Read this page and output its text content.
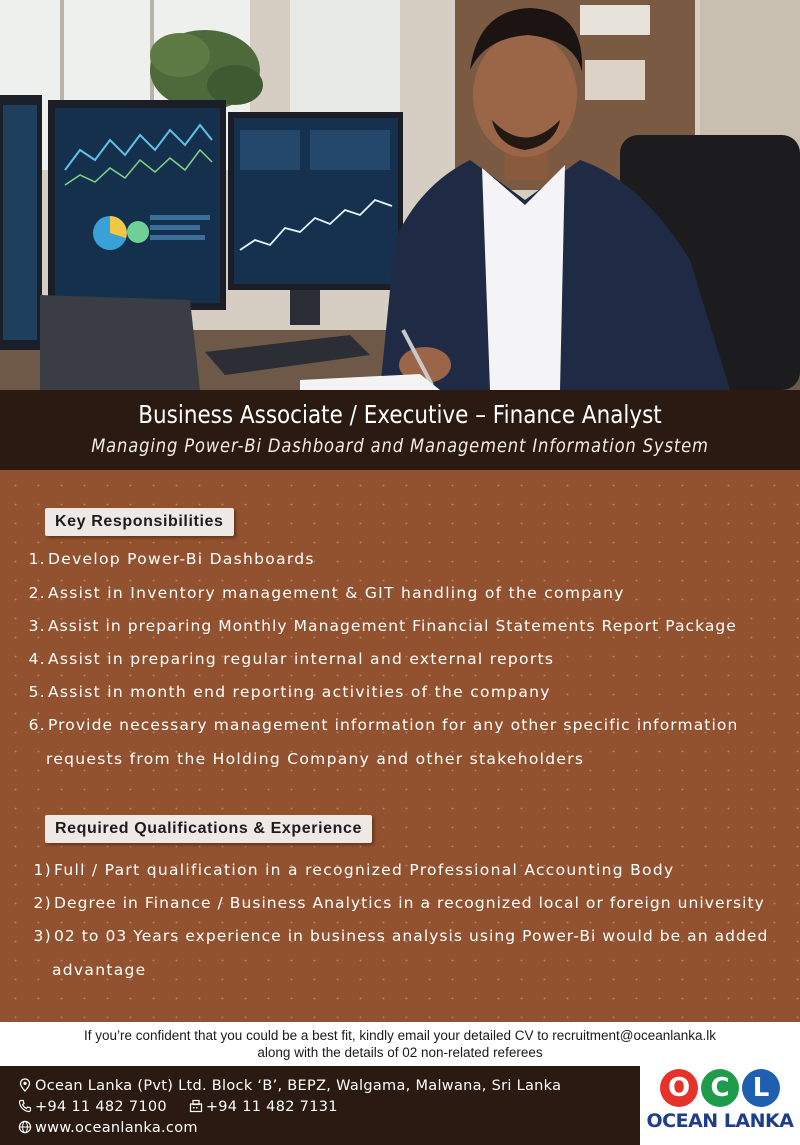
Business Associate / Executive – Finance Analyst
Managing Power-Bi Dashboard and Management Information System
Key Responsibilities
1. Develop Power-Bi Dashboards
2. Assist in Inventory management & GIT handling of the company
3. Assist in preparing Monthly Management Financial Statements Report Package
4. Assist in preparing regular internal and external reports
5. Assist in month end reporting activities of the company
6. Provide necessary management information for any other specific information
requests from the Holding Company and other stakeholders
Required Qualifications & Experience
1) Full / Part qualification in a recognized Professional Accounting Body
2) Degree in Finance / Business Analytics in a recognized local or foreign university
3) 02 to 03 Years experience in business analysis using Power-Bi would be an added
advantage
If you’re confident that you could be a best fit, kindly email your detailed CV to recruitment@oceanlanka.lk
along with the details of 02 non-related referees
Ocean Lanka (Pvt) Ltd. Block ‘B’, BEPZ, Walgama, Malwana, Sri Lanka
+94 11 482 7100	+94 11 482 7131
www.oceanlanka.com
O C L
OCEAN LANKA
